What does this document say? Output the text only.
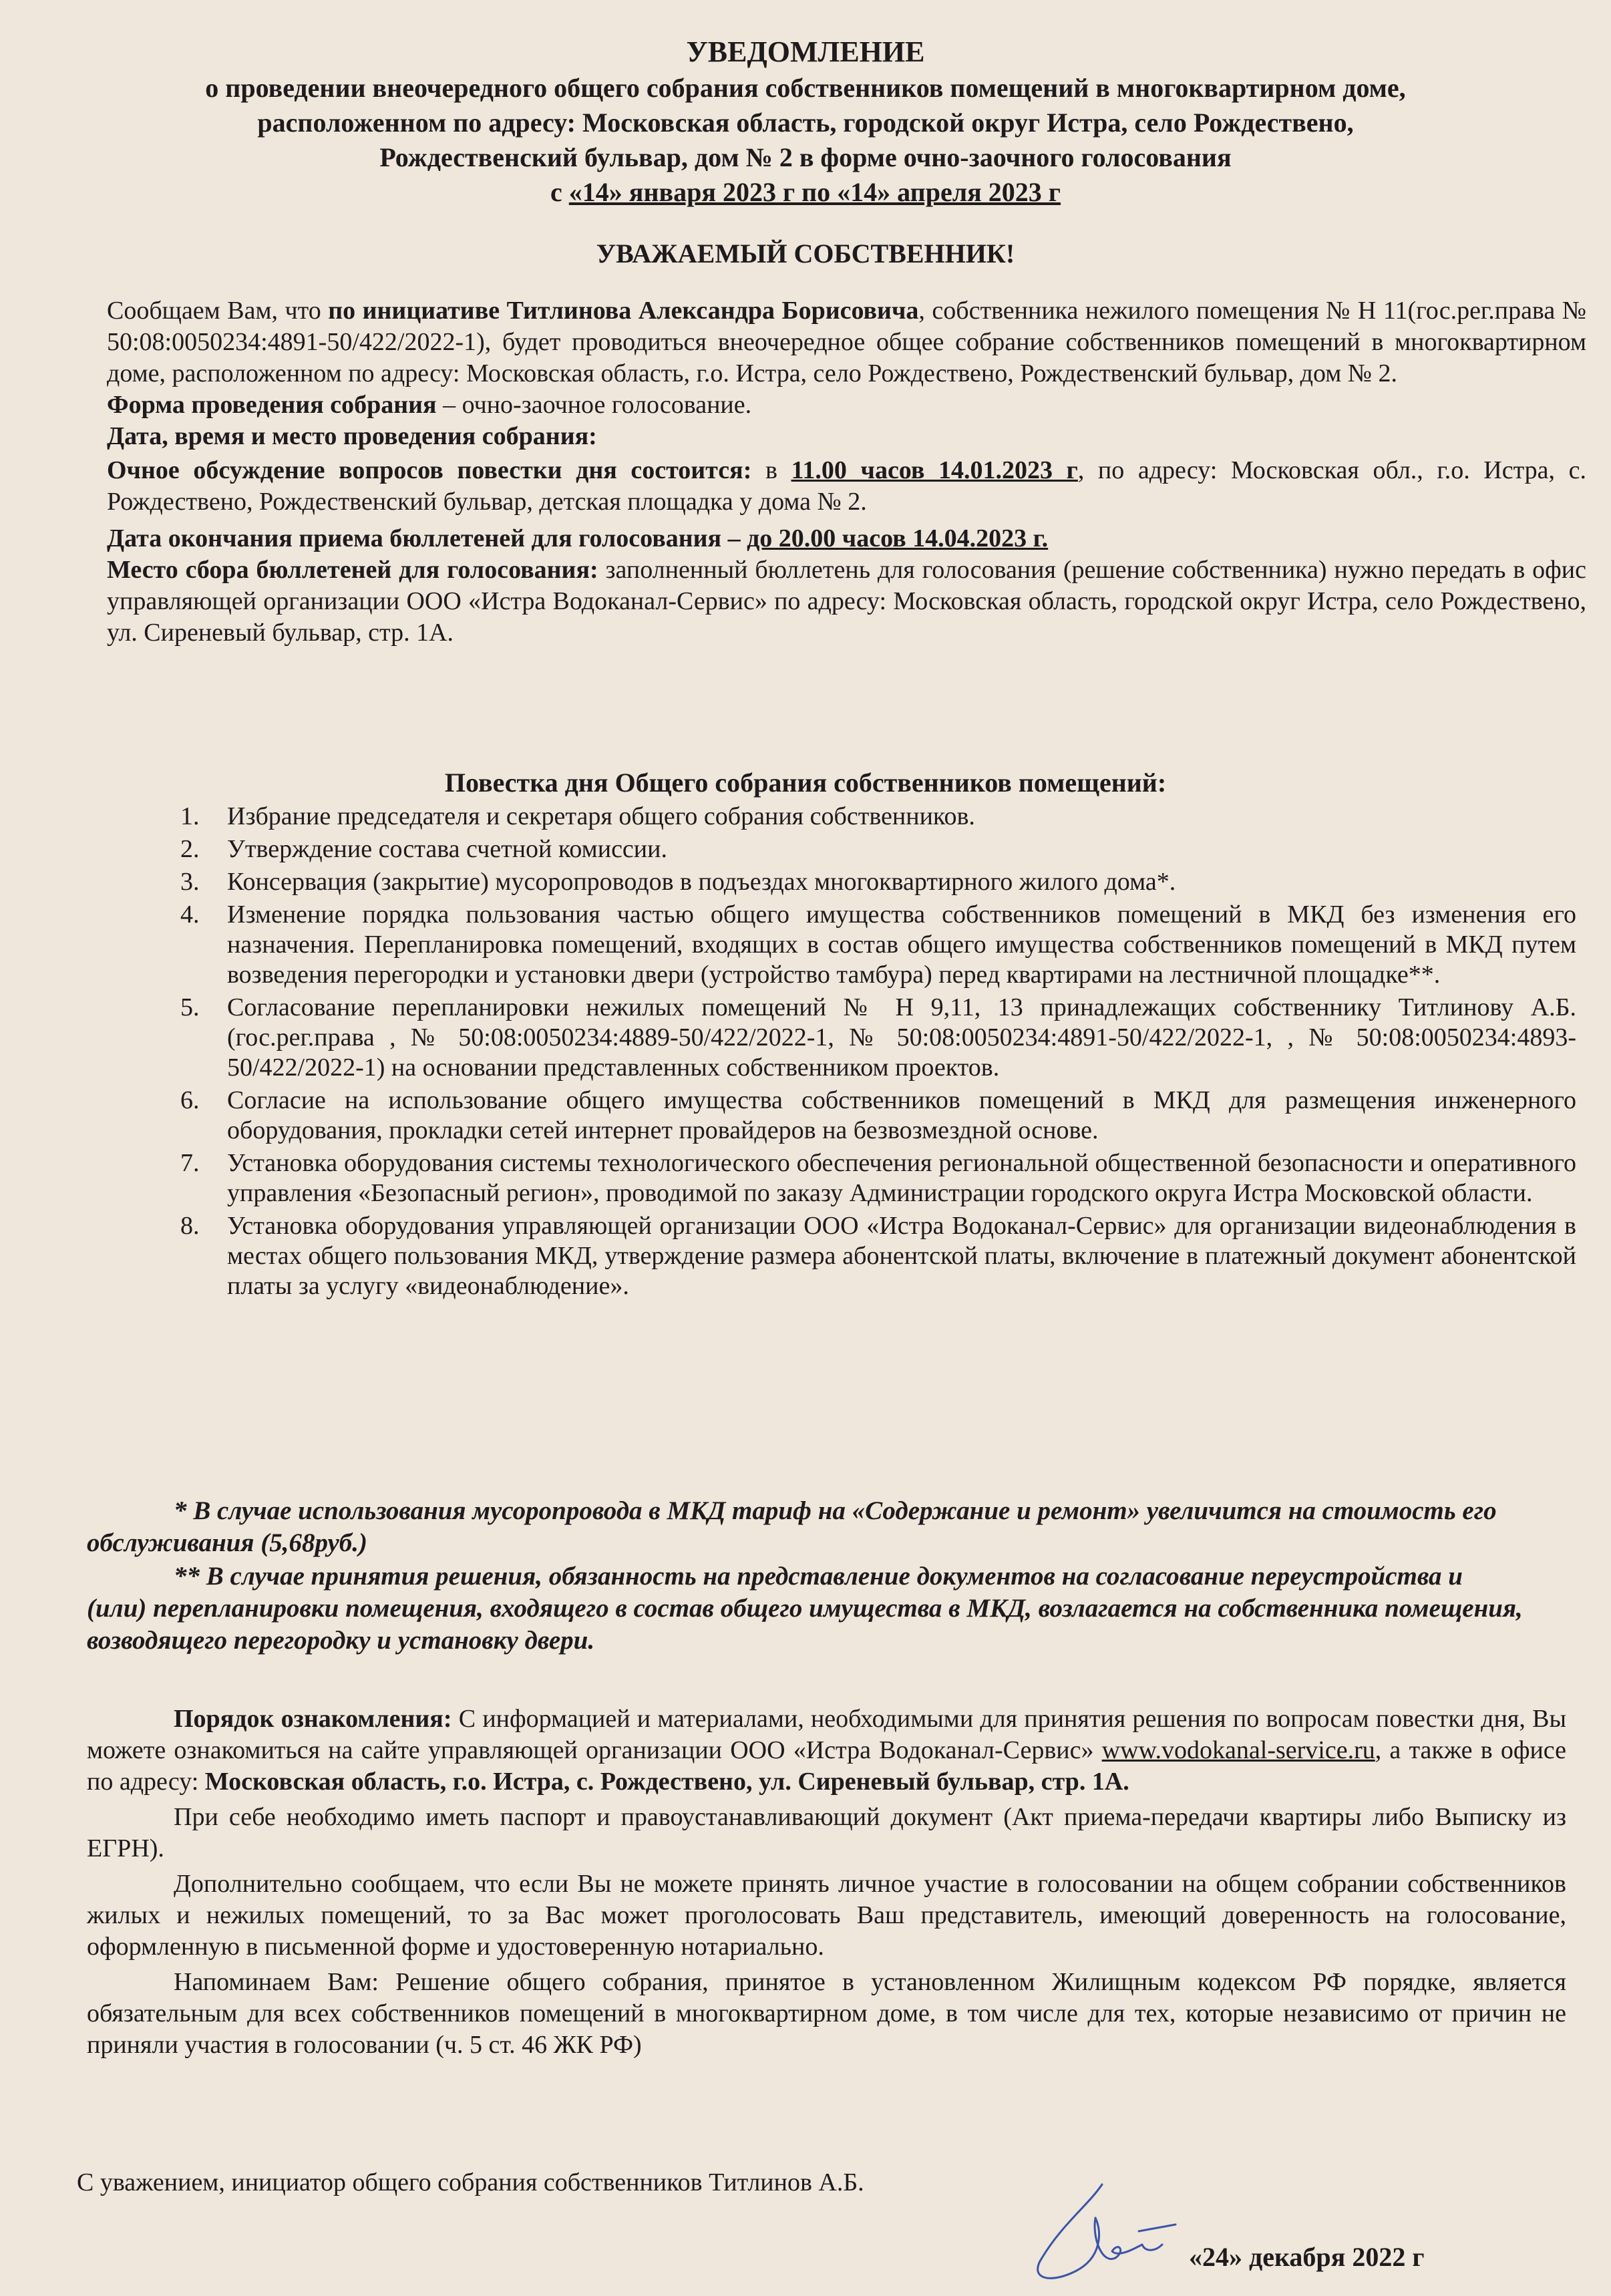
УВЕДОМЛЕНИЕ
о проведении внеочередного общего собрания собственников помещений в многоквартирном доме,
расположенном по адресу: Московская область, городской округ Истра, село Рождествено,
Рождественский бульвар, дом № 2 в форме очно-заочного голосования
с «14» января 2023 г по «14» апреля 2023 г
УВАЖАЕМЫЙ СОБСТВЕННИК!

Сообщаем Вам, что по инициативе Титлинова Александра Борисовича, собственника нежилого помещения № Н 11(гос.рег.права № 50:08:0050234:4891-50/422/2022-1), будет проводиться внеочередное общее собрание собственников помещений в многоквартирном доме, расположенном по адресу: Московская область, г.о. Истра, село Рождествено, Рождественский бульвар, дом № 2.

Форма проведения собрания – очно-заочное голосование.

Дата, время и место проведения собрания:

Очное обсуждение вопросов повестки дня состоится: в 11.00 часов 14.01.2023 г, по адресу: Московская обл., г.о. Истра, с. Рождествено, Рождественский бульвар, детская площадка у дома № 2.

Дата окончания приема бюллетеней для голосования – до 20.00 часов 14.04.2023 г.

Место сбора бюллетеней для голосования: заполненный бюллетень для голосования (решение собственника) нужно передать в офис управляющей организации ООО «Истра Водоканал-Сервис» по адресу: Московская область, городской округ Истра, село Рождествено, ул. Сиреневый бульвар, стр. 1А.

Повестка дня Общего собрания собственников помещений:
1. Избрание председателя и секретаря общего собрания собственников.
2. Утверждение состава счетной комиссии.
3. Консервация (закрытие) мусоропроводов в подъездах многоквартирного жилого дома*.
4. Изменение порядка пользования частью общего имущества собственников помещений в МКД без изменения его назначения. Перепланировка помещений, входящих в состав общего имущества собственников помещений в МКД путем возведения перегородки и установки двери (устройство тамбура) перед квартирами на лестничной площадке**.
5. Согласование перепланировки нежилых помещений № Н 9,11, 13 принадлежащих собственнику Титлинову А.Б. (гос.рег.права , № 50:08:0050234:4889-50/422/2022-1, № 50:08:0050234:4891-50/422/2022-1, , № 50:08:0050234:4893-50/422/2022-1) на основании представленных собственником проектов.
6. Согласие на использование общего имущества собственников помещений в МКД для размещения инженерного оборудования, прокладки сетей интернет провайдеров на безвозмездной основе.
7. Установка оборудования системы технологического обеспечения региональной общественной безопасности и оперативного управления «Безопасный регион», проводимой по заказу Администрации городского округа Истра Московской области.
8. Установка оборудования управляющей организации ООО «Истра Водоканал-Сервис» для организации видеонаблюдения в местах общего пользования МКД, утверждение размера абонентской платы, включение в платежный документ абонентской платы за услугу «видеонаблюдение».

* В случае использования мусоропровода в МКД тариф на «Содержание и ремонт» увеличится на стоимость его обслуживания (5,68руб.)

** В случае принятия решения, обязанность на представление документов на согласование переустройства и (или) перепланировки помещения, входящего в состав общего имущества в МКД, возлагается на собственника помещения, возводящего перегородку и установку двери.

Порядок ознакомления: С информацией и материалами, необходимыми для принятия решения по вопросам повестки дня, Вы можете ознакомиться на сайте управляющей организации ООО «Истра Водоканал-Сервис» www.vodokanal-service.ru, а также в офисе по адресу: Московская область, г.о. Истра, с. Рождествено, ул. Сиреневый бульвар, стр. 1А.

При себе необходимо иметь паспорт и правоустанавливающий документ (Акт приема-передачи квартиры либо Выписку из ЕГРН).

Дополнительно сообщаем, что если Вы не можете принять личное участие в голосовании на общем собрании собственников жилых и нежилых помещений, то за Вас может проголосовать Ваш представитель, имеющий доверенность на голосование, оформленную в письменной форме и удостоверенную нотариально.

Напоминаем Вам: Решение общего собрания, принятое в установленном Жилищным кодексом РФ порядке, является обязательным для всех собственников помещений в многоквартирном доме, в том числе для тех, которые независимо от причин не приняли участия в голосовании (ч. 5 ст. 46 ЖК РФ)

С уважением, инициатор общего собрания собственников Титлинов А.Б.
«24» декабря 2022 г
